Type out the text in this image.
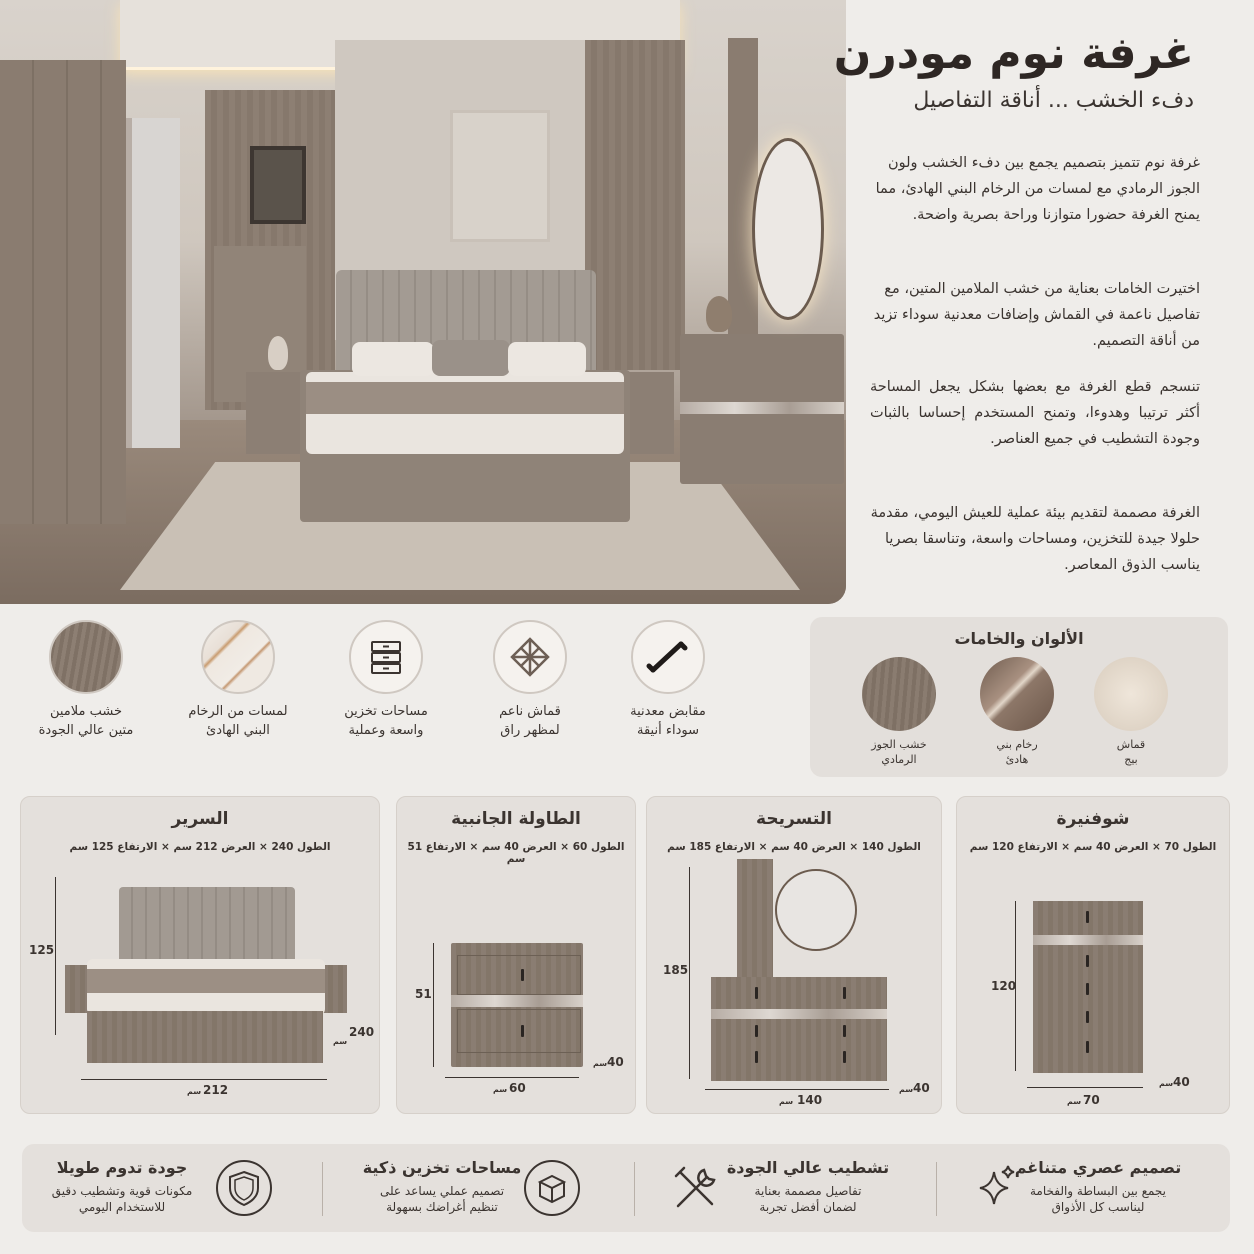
غرفة نوم مودرن
دفء الخشب ... أناقة التفاصيل
غرفة نوم تتميز بتصميم يجمع بين دفء الخشب ولون الجوز الرمادي مع لمسات من الرخام البني الهادئ، مما يمنح الغرفة حضورا متوازنا وراحة بصرية واضحة.
اختيرت الخامات بعناية من خشب الملامين المتين، مع تفاصيل ناعمة في القماش وإضافات معدنية سوداء تزيد من أناقة التصميم.
تنسجم قطع الغرفة مع بعضها بشكل يجعل المساحة أكثر ترتيبا وهدوءا، وتمنح المستخدم إحساسا بالثبات وجودة التشطيب في جميع العناصر.
الغرفة مصممة لتقديم بيئة عملية للعيش اليومي، مقدمة حلولا جيدة للتخزين، ومساحات واسعة، وتناسقا بصريا يناسب الذوق المعاصر.
خشب ملامين
متين عالي الجودة
لمسات من الرخام
البني الهادئ
مساحات تخزين
واسعة وعملية
قماش ناعم
لمظهر راق
مقابض معدنية
سوداء أنيقة
الألوان والخامات
قماش
بيج
رخام بني
هادئ
خشب الجوز
الرمادي
السرير
الطول 240 × العرض 212 سم × الارتفاع 125 سم
125
240
سم
212
سم
الطاولة الجانبية
الطول 60 × العرض 40 سم × الارتفاع 51 سم
51
40
سم
60
سم
التسريحة
الطول 140 × العرض 40 سم × الارتفاع 185 سم
185
40
سم
140
سم
شوفنيرة
الطول 70 × العرض 40 سم × الارتفاع 120 سم
120
40
سم
70
سم
تصميم عصري متناغم
يجمع بين البساطة والفخامة
ليناسب كل الأذواق
تشطيب عالي الجودة
تفاصيل مصممة بعناية
لضمان أفضل تجربة
مساحات تخزين ذكية
تصميم عملي يساعد على
تنظيم أغراضك بسهولة
جودة تدوم طويلا
مكونات قوية وتشطيب دقيق
للاستخدام اليومي
